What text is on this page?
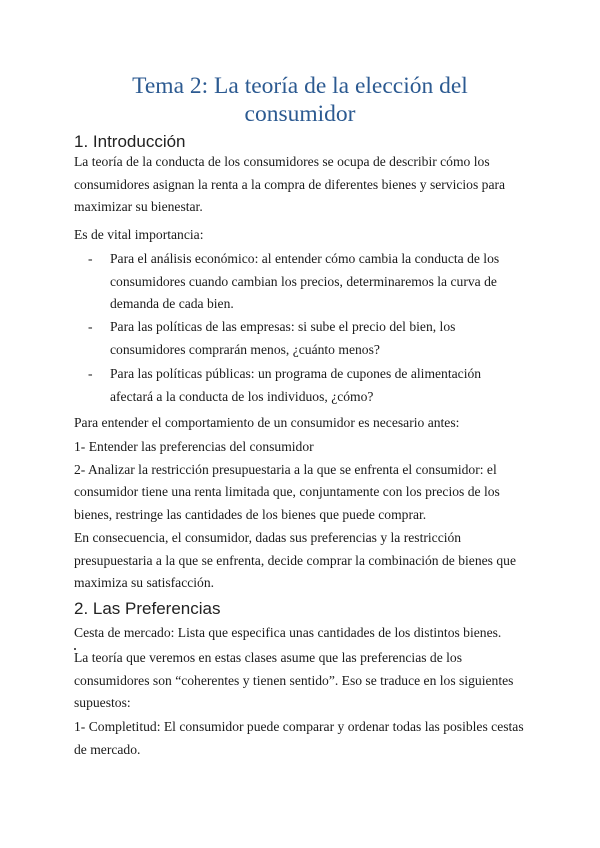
Tema 2: La teoría de la elección del
consumidor
1. Introducción
La teoría de la conducta de los consumidores se ocupa de describir cómo los
consumidores asignan la renta a la compra de diferentes bienes y servicios para
maximizar su bienestar.
Es de vital importancia:
- Para el análisis económico: al entender cómo cambia la conducta de los
consumidores cuando cambian los precios, determinaremos la curva de
demanda de cada bien.
- Para las políticas de las empresas: si sube el precio del bien, los
consumidores comprarán menos, ¿cuánto menos?
- Para las políticas públicas: un programa de cupones de alimentación
afectará a la conducta de los individuos, ¿cómo?
Para entender el comportamiento de un consumidor es necesario antes:
1- Entender las preferencias del consumidor
2- Analizar la restricción presupuestaria a la que se enfrenta el consumidor: el
consumidor tiene una renta limitada que, conjuntamente con los precios de los
bienes, restringe las cantidades de los bienes que puede comprar.
En consecuencia, el consumidor, dadas sus preferencias y la restricción
presupuestaria a la que se enfrenta, decide comprar la combinación de bienes que
maximiza su satisfacción.
2. Las Preferencias
Cesta de mercado: Lista que especifica unas cantidades de los distintos bienes.
La teoría que veremos en estas clases asume que las preferencias de los
consumidores son “coherentes y tienen sentido”. Eso se traduce en los siguientes
supuestos:
1- Completitud: El consumidor puede comparar y ordenar todas las posibles cestas
de mercado.
